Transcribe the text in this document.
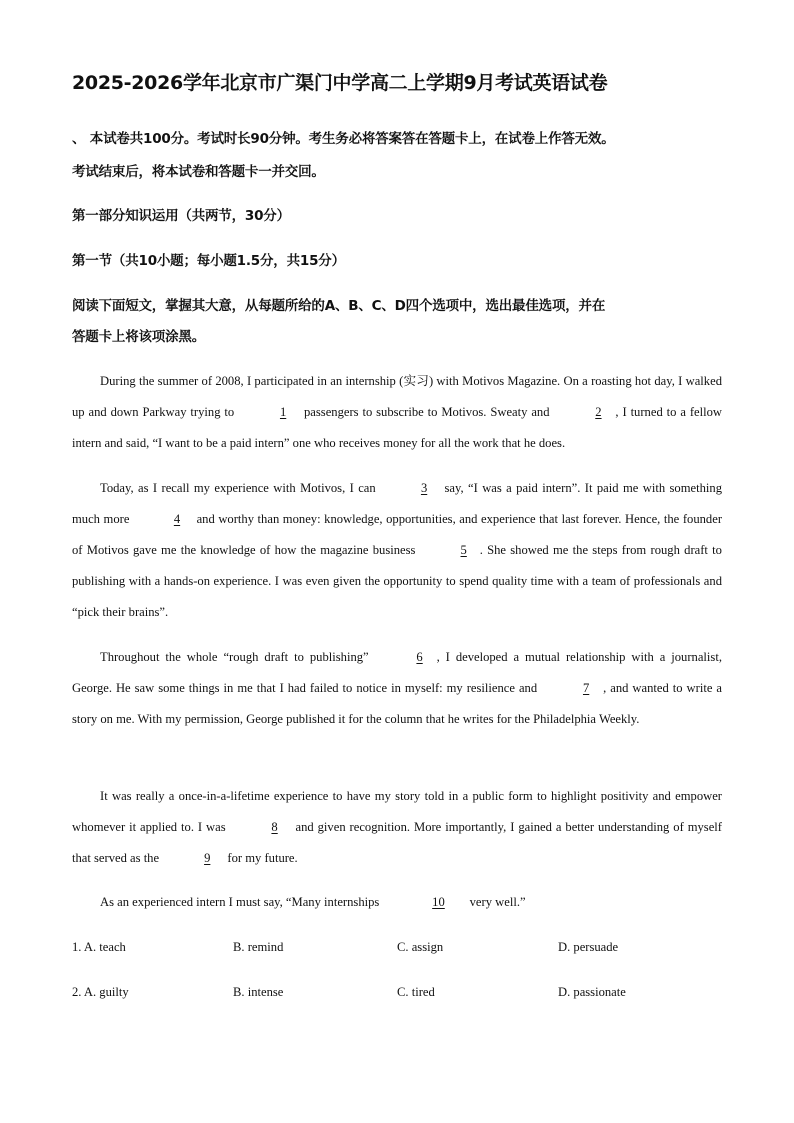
2025-2026学年北京市广渠门中学高二上学期9月考试英语试卷
、 本试卷共100分。考试时长90分钟。考生务必将答案答在答题卡上，在试卷上作答无效。
考试结束后，将本试卷和答题卡一并交回。
第一部分知识运用（共两节，30分）
第一节（共10小题；每小题1.5分，共15分）
阅读下面短文，掌握其大意，从每题所给的A、B、C、D四个选项中，选出最佳选项，并在
答题卡上将该项涂黑。
During the summer of 2008, I participated in an internship (实习) with Motivos Magazine. On a roasting hot day, I walked up and down Parkway trying to	1 passengers to subscribe to Motivos. Sweaty and	2 , I turned to a fellow intern and said, “I want to be a paid intern” one who receives money for all the work that he does.
Today, as I recall my experience with Motivos, I can	3 say, “I was a paid intern”. It paid me with something much more	4 and worthy than money: knowledge, opportunities, and experience that last forever. Hence, the founder of Motivos gave me the knowledge of how the magazine business	5 . She showed me the steps from rough draft to publishing with a hands-on experience. I was even given the opportunity to spend quality time with a team of professionals and “pick their brains”.
Throughout the whole “rough draft to publishing”	6 , I developed a mutual relationship with a journalist, George. He saw some things in me that I had failed to notice in myself: my resilience and	7 , and wanted to write a story on me. With my permission, George published it for the column that he writes for the Philadelphia Weekly.
It was really a once-in-a-lifetime experience to have my story told in a public form to highlight positivity and empower whomever it applied to. I was	8 and given recognition. More importantly, I gained a better understanding of myself that served as the	9 for my future.
As an experienced intern I must say, “Many internships	10 very well.”
1. A. teach	B. remind	C. assign	D. persuade
2. A. guilty	B. intense	C. tired	D. passionate
